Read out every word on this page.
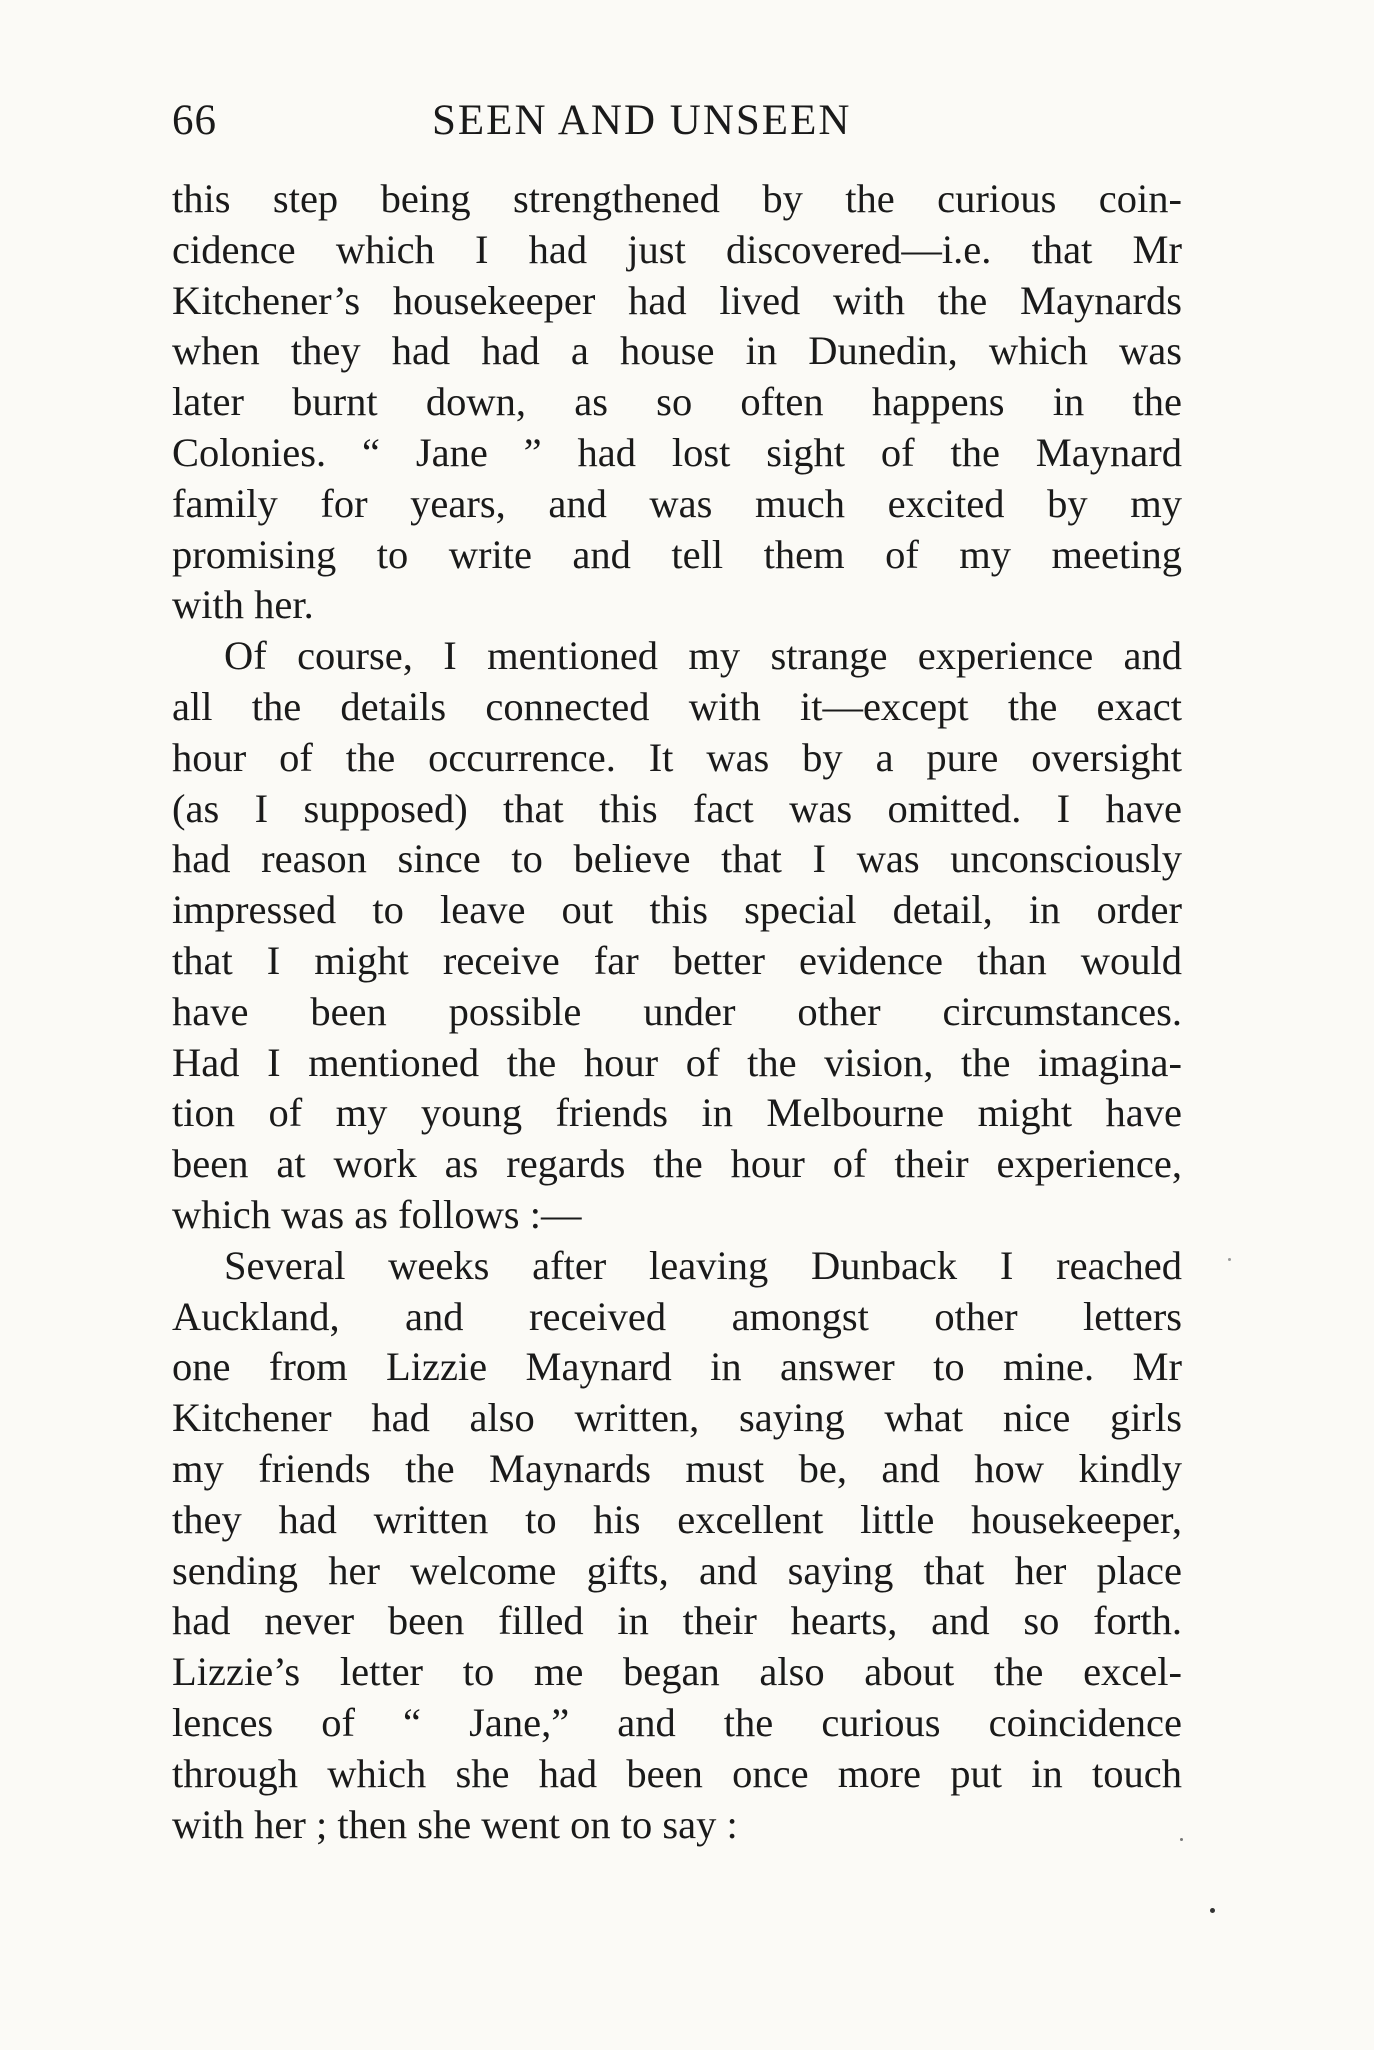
66	SEEN AND UNSEEN
this step being strengthened by the curious coin-
cidence which I had just discovered—i.e. that Mr
Kitchener’s housekeeper had lived with the Maynards
when they had had a house in Dunedin, which was
later burnt down, as so often happens in the
Colonies. “ Jane ” had lost sight of the Maynard
family for years, and was much excited by my
promising to write and tell them of my meeting
with her.
Of course, I mentioned my strange experience and
all the details connected with it—except the exact
hour of the occurrence. It was by a pure oversight
(as I supposed) that this fact was omitted. I have
had reason since to believe that I was unconsciously
impressed to leave out this special detail, in order
that I might receive far better evidence than would
have been possible under other circumstances.
Had I mentioned the hour of the vision, the imagina-
tion of my young friends in Melbourne might have
been at work as regards the hour of their experience,
which was as follows :—
Several weeks after leaving Dunback I reached
Auckland, and received amongst other letters
one from Lizzie Maynard in answer to mine. Mr
Kitchener had also written, saying what nice girls
my friends the Maynards must be, and how kindly
they had written to his excellent little housekeeper,
sending her welcome gifts, and saying that her place
had never been filled in their hearts, and so forth.
Lizzie’s letter to me began also about the excel-
lences of “ Jane,” and the curious coincidence
through which she had been once more put in touch
with her ; then she went on to say :
